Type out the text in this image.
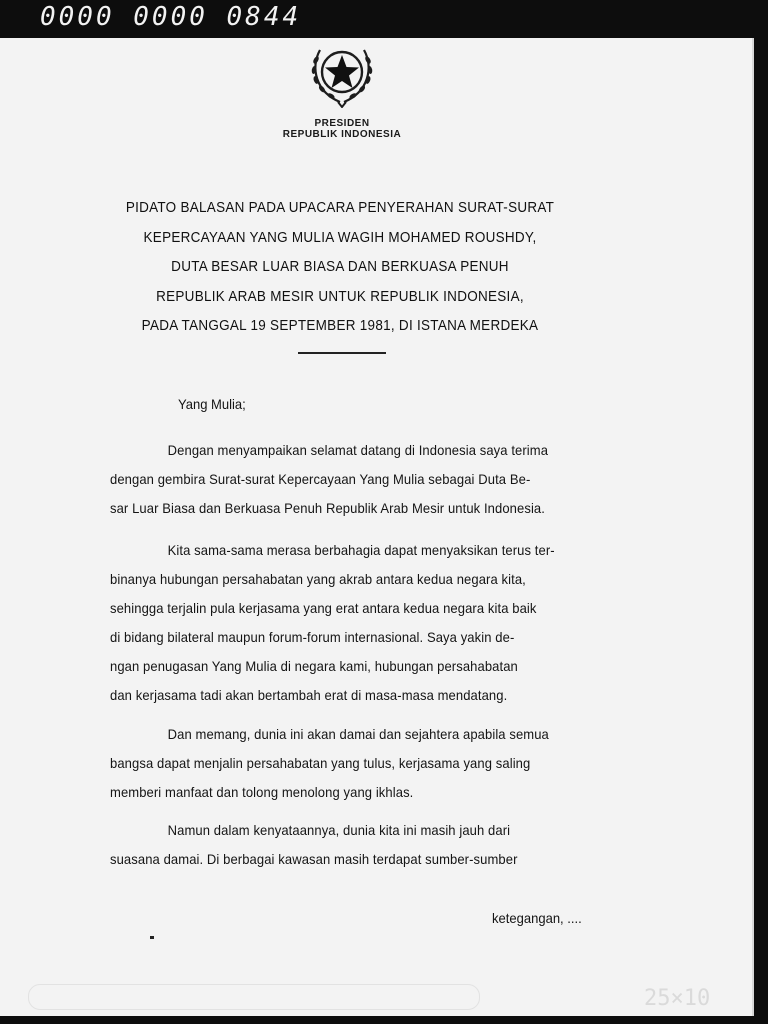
0000 0000 0844
PRESIDEN
REPUBLIK INDONESIA
PIDATO BALASAN PADA UPACARA PENYERAHAN SURAT-SURAT
KEPERCAYAAN YANG MULIA WAGIH MOHAMED ROUSHDY,
DUTA BESAR LUAR BIASA DAN BERKUASA PENUH
REPUBLIK ARAB MESIR UNTUK REPUBLIK INDONESIA,
PADA TANGGAL 19 SEPTEMBER 1981, DI ISTANA MERDEKA
Yang Mulia;
Dengan menyampaikan selamat datang di Indonesia saya terima
dengan gembira Surat-surat Kepercayaan Yang Mulia sebagai Duta Be-
sar Luar Biasa dan Berkuasa Penuh Republik Arab Mesir untuk Indonesia.
Kita sama-sama merasa berbahagia dapat menyaksikan terus ter-
binanya hubungan persahabatan yang akrab antara kedua negara kita,
sehingga terjalin pula kerjasama yang erat antara kedua negara kita baik
di bidang bilateral maupun forum-forum internasional. Saya yakin de-
ngan penugasan Yang Mulia di negara kami, hubungan persahabatan
dan kerjasama tadi akan bertambah erat di masa-masa mendatang.
Dan memang, dunia ini akan damai dan sejahtera apabila semua
bangsa dapat menjalin persahabatan yang tulus, kerjasama yang saling
memberi manfaat dan tolong menolong yang ikhlas.
Namun dalam kenyataannya, dunia kita ini masih jauh dari
suasana damai. Di berbagai kawasan masih terdapat sumber-sumber
ketegangan, ....
25×10
